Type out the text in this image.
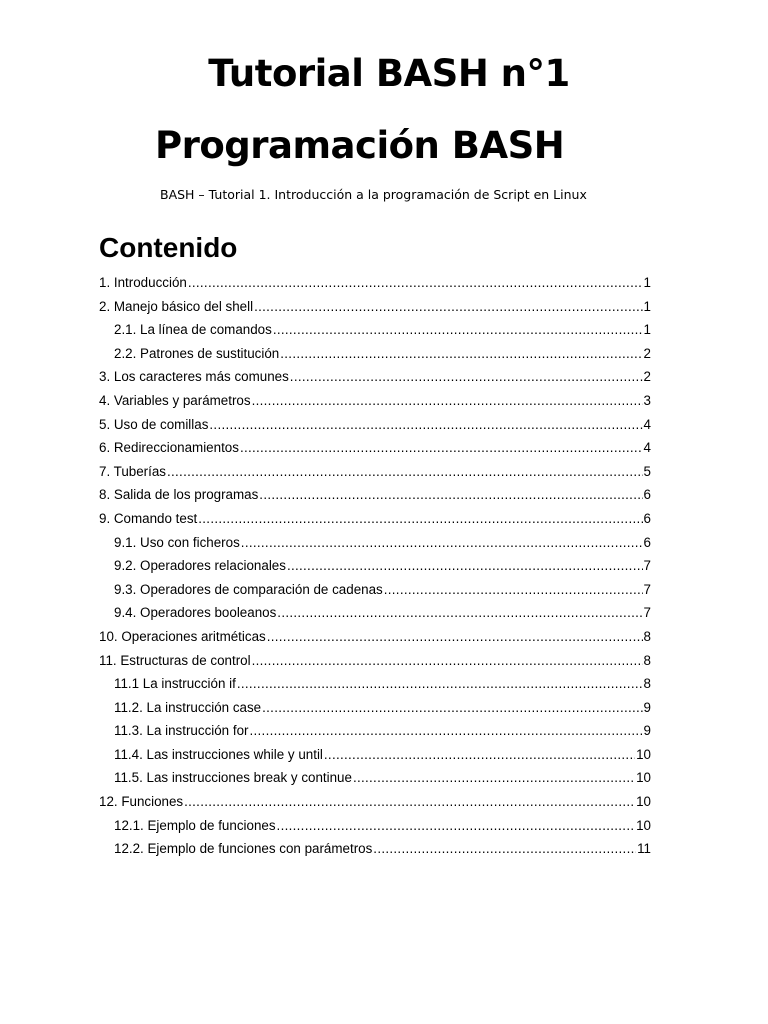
Tutorial BASH n°1
Programación BASH

BASH – Tutorial 1. Introducción a la programación de Script en Linux

Contenido
1. Introducción .....	1
2. Manejo básico del shell .....	1
2.1. La línea de comandos .....	1
2.2. Patrones de sustitución .....	2
3. Los caracteres más comunes .....	2
4. Variables y parámetros .....	3
5. Uso de comillas .....	4
6. Redireccionamientos .....	4
7. Tuberías .....	5
8. Salida de los programas .....	6
9. Comando test .....	6
9.1. Uso con ficheros .....	6
9.2. Operadores relacionales .....	7
9.3. Operadores de comparación de cadenas .....	7
9.4. Operadores booleanos .....	7
10. Operaciones aritméticas .....	8
11. Estructuras de control .....	8
11.1 La instrucción if .....	8
11.2. La instrucción case .....	9
11.3. La instrucción for .....	9
11.4. Las instrucciones while y until .....	10
11.5. Las instrucciones break y continue .....	10
12. Funciones .....	10
12.1. Ejemplo de funciones .....	10
12.2. Ejemplo de funciones con parámetros .....	11
